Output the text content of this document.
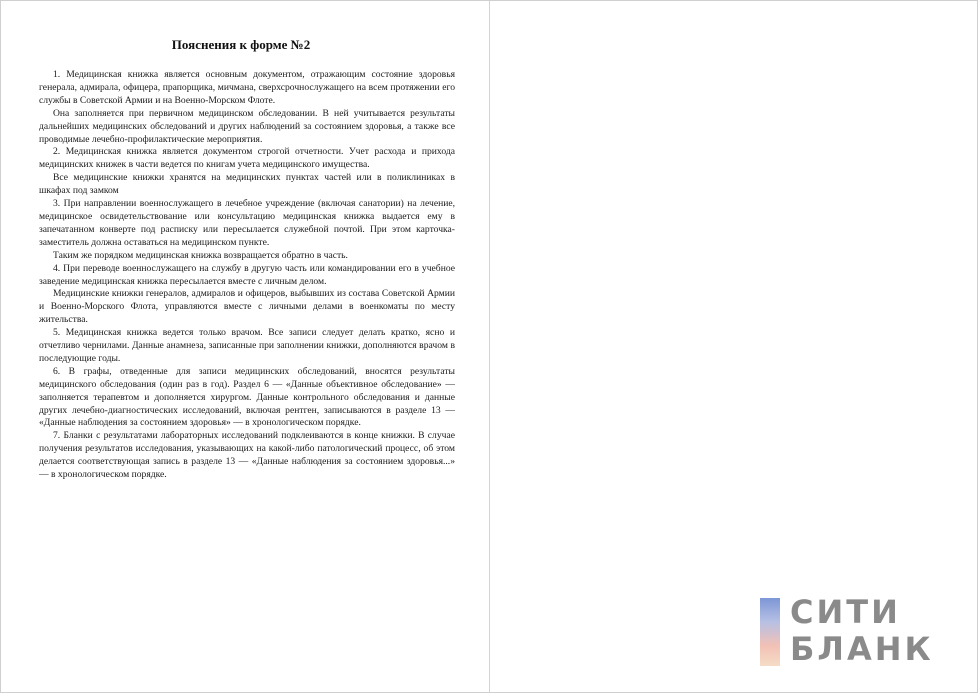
Пояснения к форме №2

1. Медицинская книжка является основным документом, отражающим состояние здоровья генерала, адмирала, офицера, прапорщика, мичмана, сверхсрочнослужащего на всем протяжении его службы в Советской Армии и на Военно-Морском Флоте.

Она заполняется при первичном медицинском обследовании. В ней учитывается результаты дальнейших медицинских обследований и других наблюдений за состоянием здоровья, а также все проводимые лечебно-профилактические мероприятия.

2. Медицинская книжка является документом строгой отчетности. Учет расхода и прихода медицинских книжек в части ведется по книгам учета медицинского имущества.

Все медицинские книжки хранятся на медицинских пунктах частей или в поликлиниках в шкафах под замком

3. При направлении военнослужащего в лечебное учреждение (включая санатории) на лечение, медицинское освидетельствование или консультацию медицинская книжка выдается ему в запечатанном конверте под расписку или пересылается служебной почтой. При этом карточка-заместитель должна оставаться на медицинском пункте.

Таким же порядком медицинская книжка возвращается обратно в часть.

4. При переводе военнослужащего на службу в другую часть или командировании его в учебное заведение медицинская книжка пересылается вместе с личным делом.

Медицинские книжки генералов, адмиралов и офицеров, выбывших из состава Советской Армии и Военно-Морского Флота, управляются вместе с личными делами в военкоматы по месту жительства.

5. Медицинская книжка ведется только врачом. Все записи следует делать кратко, ясно и отчетливо чернилами. Данные анамнеза, записанные при заполнении книжки, дополняются врачом в последующие годы.

6. В графы, отведенные для записи медицинских обследований, вносятся результаты медицинского обследования (один раз в год). Раздел 6 — «Данные объективное обследование» — заполняется терапевтом и дополняется хирургом. Данные контрольного обследования и данные других лечебно-диагностических исследований, включая рентген, записываются в разделе 13 — «Данные наблюдения за состоянием здоровья» — в хронологическом порядке.

7. Бланки с результатами лабораторных исследований подклеиваются в конце книжки. В случае получения результатов исследования, указывающих на какой-либо патологический процесс, об этом делается соответствующая запись в разделе 13 — «Данные наблюдения за состоянием здоровья...» — в хронологическом порядке.

СИТИ
БЛАНК
